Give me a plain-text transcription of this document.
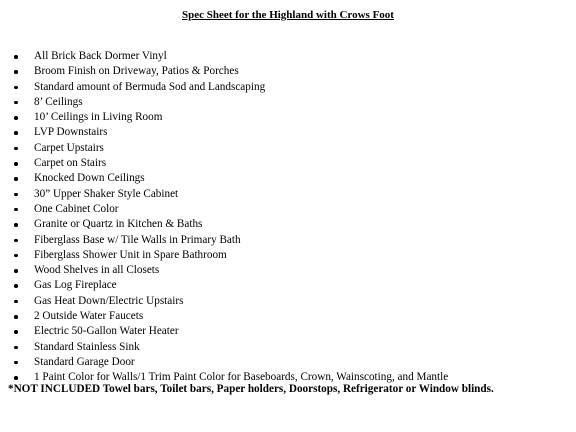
Spec Sheet for the Highland with Crows Foot
All Brick Back Dormer Vinyl
Broom Finish on Driveway, Patios & Porches
Standard amount of Bermuda Sod and Landscaping
8’ Ceilings
10’ Ceilings in Living Room
LVP Downstairs
Carpet Upstairs
Carpet on Stairs
Knocked Down Ceilings
30” Upper Shaker Style Cabinet
One Cabinet Color
Granite or Quartz in Kitchen & Baths
Fiberglass Base w/ Tile Walls in Primary Bath
Fiberglass Shower Unit in Spare Bathroom
Wood Shelves in all Closets
Gas Log Fireplace
Gas Heat Down/Electric Upstairs
2 Outside Water Faucets
Electric 50-Gallon Water Heater
Standard Stainless Sink
Standard Garage Door
1 Paint Color for Walls/1 Trim Paint Color for Baseboards, Crown, Wainscoting, and Mantle
*NOT INCLUDED Towel bars, Toilet bars, Paper holders, Doorstops, Refrigerator or Window blinds.
